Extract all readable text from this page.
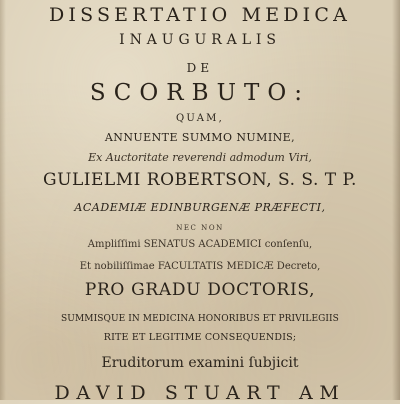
DISSERTATIO MEDICA
INAUGURALIS
DE
SCORBUTO:
QUAM,
ANNUENTE SUMMO NUMINE,
Ex Auctoritate reverendi admodum Viri,
GULIELMI ROBERTSON, S. S. T P.
ACADEMIÆ EDINBURGENÆ PRÆFECTI,
NEC NON
Ampliſſimi SENATUS ACADEMICI conſenſu,
Et nobiliſſimae FACULTATIS MEDICÆ Decreto,
PRO GRADU DOCTORIS,
SUMMISQUE IN MEDICINA HONORIBUS ET PRIVILEGIIS
RITE ET LEGITIME CONSEQUENDIS;
Eruditorum examini ſubjicit
DAVID STUART AM
